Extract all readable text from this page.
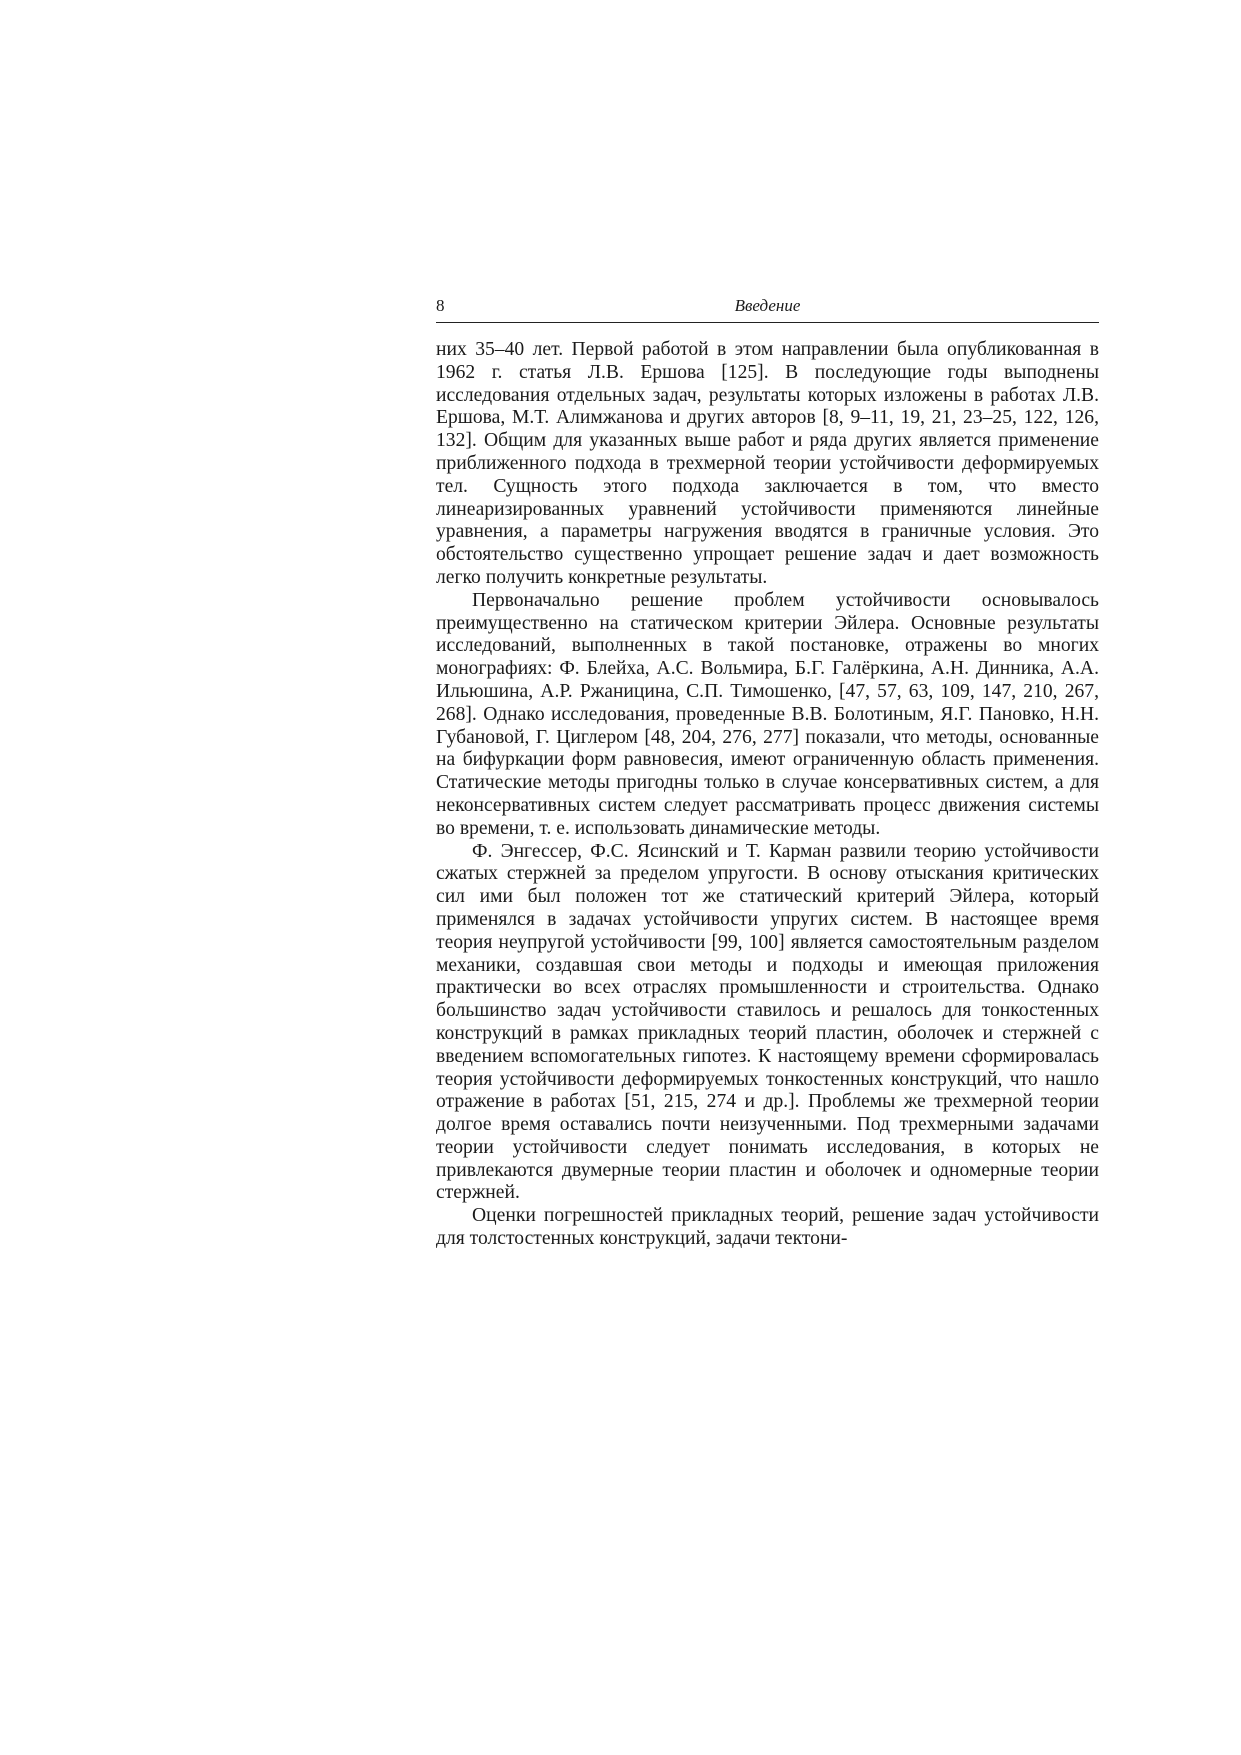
8	Введение

них 35–40 лет. Первой работой в этом направлении была опубликованная в 1962 г. статья Л.В. Ершова [125]. В последующие годы выподнены исследования отдельных задач, результаты которых изложены в работах Л.В. Ершова, М.Т. Алимжанова и других авторов [8, 9–11, 19, 21, 23–25, 122, 126, 132]. Общим для указанных выше работ и ряда других является применение приближенного подхода в трехмерной теории устойчивости деформируемых тел. Сущность этого подхода заключается в том, что вместо линеаризированных уравнений устойчивости применяются линейные уравнения, а параметры нагружения вводятся в граничные условия. Это обстоятельство существенно упрощает решение задач и дает возможность легко получить конкретные результаты.

Первоначально решение проблем устойчивости основывалось преимущественно на статическом критерии Эйлера. Основные результаты исследований, выполненных в такой постановке, отражены во многих монографиях: Ф. Блейха, А.С. Вольмира, Б.Г. Галёркина, А.Н. Динника, А.А. Ильюшина, А.Р. Ржаницина, С.П. Тимошенко, [47, 57, 63, 109, 147, 210, 267, 268]. Однако исследования, проведенные В.В. Болотиным, Я.Г. Пановко, Н.Н. Губановой, Г. Циглером [48, 204, 276, 277] показали, что методы, основанные на бифуркации форм равновесия, имеют ограниченную область применения. Статические методы пригодны только в случае консервативных систем, а для неконсервативных систем следует рассматривать процесс движения системы во времени, т. е. использовать динамические методы.

Ф. Энгессер, Ф.С. Ясинский и Т. Карман развили теорию устойчивости сжатых стержней за пределом упругости. В основу отыскания критических сил ими был положен тот же статический критерий Эйлера, который применялся в задачах устойчивости упругих систем. В настоящее время теория неупругой устойчивости [99, 100] является самостоятельным разделом механики, создавшая свои методы и подходы и имеющая приложения практически во всех отраслях промышленности и строительства. Однако большинство задач устойчивости ставилось и решалось для тонкостенных конструкций в рамках прикладных теорий пластин, оболочек и стержней с введением вспомогательных гипотез. К настоящему времени сформировалась теория устойчивости деформируемых тонкостенных конструкций, что нашло отражение в работах [51, 215, 274 и др.]. Проблемы же трехмерной теории долгое время оставались почти неизученными. Под трехмерными задачами теории устойчивости следует понимать исследования, в которых не привлекаются двумерные теории пластин и оболочек и одномерные теории стержней.

Оценки погрешностей прикладных теорий, решение задач устойчивости для толстостенных конструкций, задачи тектони-
